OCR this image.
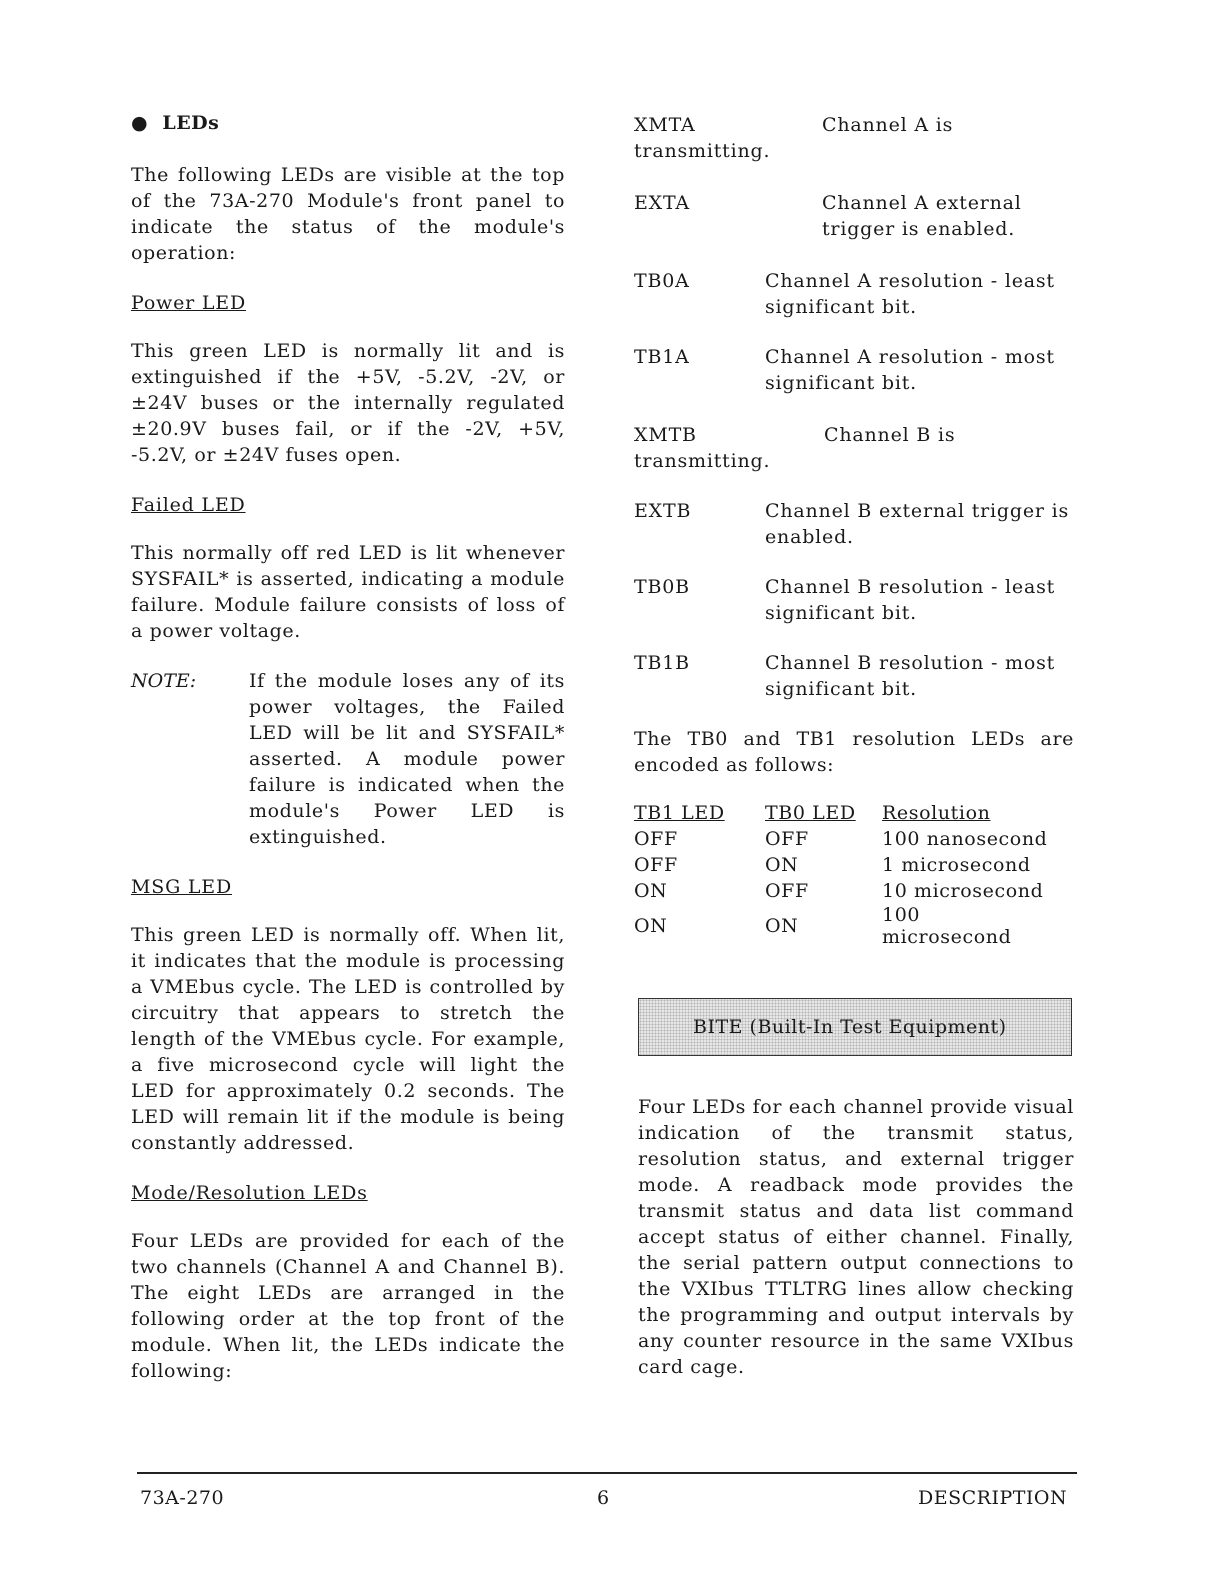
● LEDs

The following LEDs are visible at the top of the 73A-270 Module's front panel to indicate the status of the module's operation:

Power LED

This green LED is normally lit and is extinguished if the +5V, -5.2V, -2V, or ±24V buses or the internally regulated ±20.9V buses fail, or if the -2V, +5V, -5.2V, or ±24V fuses open.

Failed LED

This normally off red LED is lit whenever SYSFAIL* is asserted, indicating a module failure. Module failure consists of loss of a power voltage.

NOTE:	If the module loses any of its power voltages, the Failed LED will be lit and SYSFAIL* asserted. A module power failure is indicated when the module's Power LED is extinguished.

MSG LED

This green LED is normally off. When lit, it indicates that the module is processing a VMEbus cycle. The LED is controlled by circuitry that appears to stretch the length of the VMEbus cycle. For example, a five microsecond cycle will light the LED for approximately 0.2 seconds. The LED will remain lit if the module is being constantly addressed.

Mode/Resolution LEDs

Four LEDs are provided for each of the two channels (Channel A and Channel B). The eight LEDs are arranged in the following order at the top front of the module. When lit, the LEDs indicate the following:

XMTA	Channel A is
transmitting.
EXTA	Channel A external trigger is enabled.
TB0A	Channel A resolution - least significant bit.
TB1A	Channel A resolution - most significant bit.
XMTB	Channel B is
transmitting.
EXTB	Channel B external trigger is enabled.
TB0B	Channel B resolution - least significant bit.
TB1B	Channel B resolution - most significant bit.

The TB0 and TB1 resolution LEDs are encoded as follows:

TB1 LED	TB0 LED	Resolution
OFF	OFF	100 nanosecond
OFF	ON	1 microsecond
ON	OFF	10 microsecond
ON	ON	100 microsecond
BITE (Built-In Test Equipment)

Four LEDs for each channel provide visual indication of the transmit status, resolution status, and external trigger mode. A readback mode provides the transmit status and data list command accept status of either channel. Finally, the serial pattern output connections to the VXIbus TTLTRG lines allow checking the programming and output intervals by any counter resource in the same VXIbus card cage.

73A-270	6	DESCRIPTION
